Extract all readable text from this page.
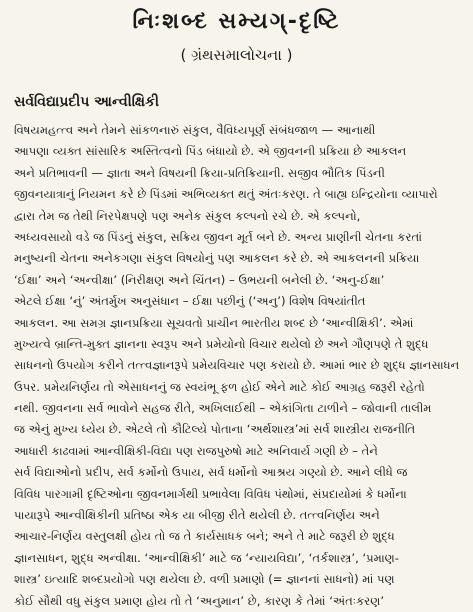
નિઃશબ્દ સમ્યગ્-દૃષ્ટિ
( ગ્રંથસમાલોચના )
સર્વવિદ્યાપ્રદીપ આન્વીક્ષિકી
વિષયમહત્ત્વ અને તેમને સાંકળનારું સંકુલ, વૈવિધ્યપૂર્ણ સંબંધજાળ — આનાથી
આપણા વ્યક્ત સાંસારિક અસ્તિત્વનો પિંડ બંધાયો છે. એ જીવનની પ્રક્રિયા છે આકલન
અને પ્રતિભાવની — જ્ઞાતા અને વિષયની ક્રિયા-પ્રતિક્રિયાની. સજીવ ભૌતિક પિંડની
જીવનયાત્રાનું નિયમન કરે છે પિંડમાં અભિવ્યક્ત થતું અંતઃકરણ. તે બાહ્ય ઇન્દ્રિયોના વ્યાપારો
દ્વારા તેમ જ તેથી નિરપેક્ષપણે પણ અનેક સંકુલ કલ્પનો રચે છે. એ કલ્પનો,
અધ્યવસાયો વડે જ પિંડનું સંકુલ, સક્રિય જીવન મૂર્ત બને છે. અન્ય પ્રાણીની ચેતના કરતાં
મનુષ્યની ચેતના અનેકગણા સંકુલ વિષયોનું પણ આકલન કરે છે. એ આકલનની પ્રક્રિયા
‘ઈક્ષા’ અને ‘અન્વીક્ષા’ (નિરીક્ષણ અને ચિંતન) – ઉભયની બનેલી છે. ‘અનુ-ઈક્ષા’
એટલે ઈક્ષા ‘નું’ અંતર્મુખ અનુસંધાન – ઈક્ષા પછીનું (‘અનુ’) વિશેષ વિષયાંતીત
આકલન. આ સમગ્ર જ્ઞાનપ્રક્રિયા સૂચવતો પ્રાચીન ભારતીય શબ્દ છે ‘આન્વીક્ષિકી’. એમાં
મુખ્યત્વે બ્રાન્તિ-મુક્ત જ્ઞાનના સ્વરૂપ અને પ્રમેયોનો વિચાર થયેલો છે અને ગૌણપણે તે શુદ્ધ
સાધનનો ઉપયોગ કરીને તત્ત્વજ્ઞાનરૂપે પ્રમેયવિચાર પણ કરાયો છે. આમાં ભાર છે શુદ્ધ જ્ઞાનસાધન
ઉપર. પ્રમેયનિર્ણય તો એસાધનનું જ સ્વયંભૂ ફળ હોઈ એને માટે કોઈ આગ્રહ જરૂરી રહેતો
નથી. જીવનના સર્વ ભાવોને સહજ રીતે, અખિલાઈથી – એકાંગિતા ટાળીને – જોવાની તાલીમ
જ એનું મુખ્ય ધ્યેય છે. એટલે તો કૌટિલ્યે પોતાના ‘અર્થશાસ્ત્ર’માં સર્વ શાસ્ત્રીય રાજનીતિ
આધારી કાઢવામાં આન્વીક્ષિકી-વિદ્યા પણ રાજપુરુષો માટે અનિવાર્ય ગણી છે – તેને
સર્વ વિદ્યાઓનો પ્રદીપ, સર્વ કર્મોનો ઉપાય, સર્વ ધર્મોનો આશ્રય ગણ્યો છે. આને લીધે જ
વિવિધ પારગામી દૃષ્ટિઓના જીવનમાર્ગથી પ્રભાવેલા વિવિધ પંથોમાં, સંપ્રદાયોમાં કે ધર્મોના
પાયારૂપે આન્વીક્ષિકીની પ્રતિષ્ઠા એક યા બીજી રીતે થયેલી છે. તત્ત્વનિર્ણય અને
આચાર-નિર્ણય વસ્તુલક્ષી હોય તો જ તે કાર્યસાધક બને; અને તે માટે જરૂરી છે શુદ્ધ
જ્ઞાનસાધન, શુદ્ધ અન્વીક્ષા. ‘આન્વીક્ષિકી’ માટે જ ‘ન્યાયવિદ્યા’, ‘તર્કશાસ્ત્ર’, ‘પ્રમાણ-
શાસ્ત્ર’ ઇત્યાદિ શબ્દપ્રયોગો પણ થયેલા છે. વળી પ્રમાણો (= જ્ઞાનનાં સાધનો) માં પણ
કોઈ સૌથી વધુ સંકુલ પ્રમાણ હોય તો તે ‘અનુમાન’ છે, કારણ કે તેમાં ‘અંતઃકરણ’
